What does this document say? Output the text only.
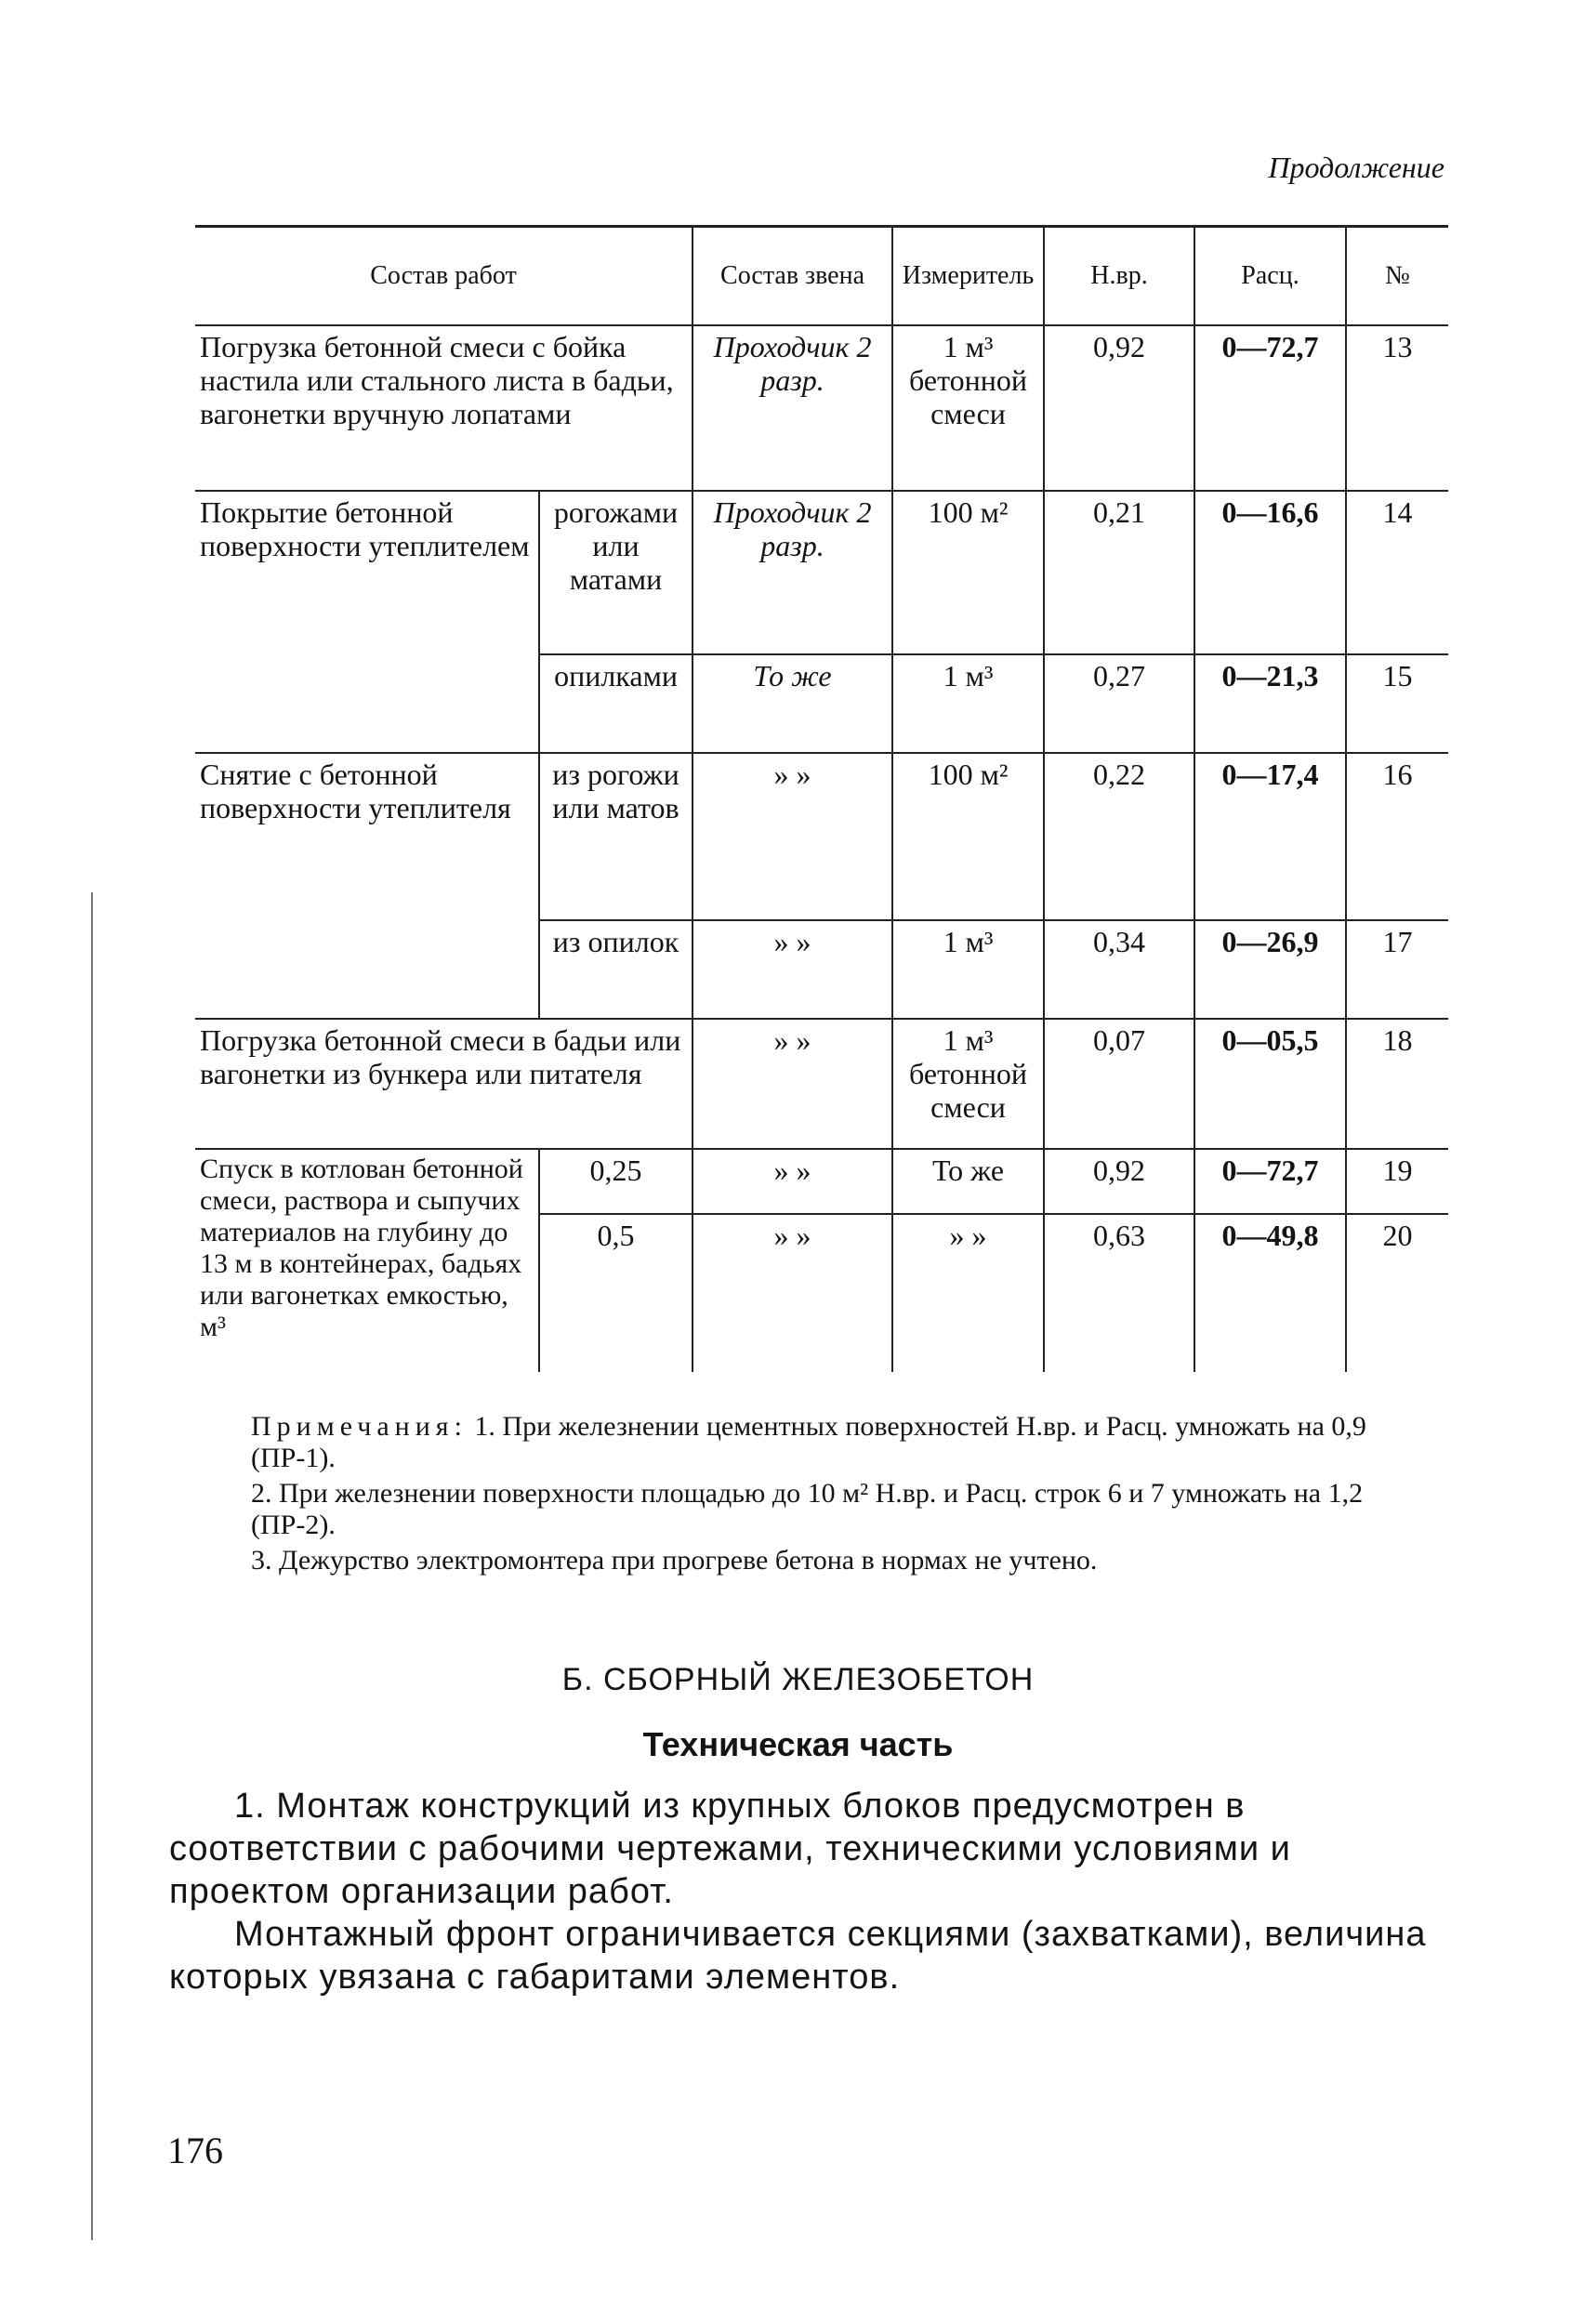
Продолжение
Состав работ		Состав звена	Измеритель	Н.вр.	Расц.	№
Погрузка бетонной смеси с бойка настила или стального листа в бадьи, вагонетки вручную лопатами		Проходчик 2 разр.	1 м³ бетонной смеси	0,92	0—72,7	13
Покрытие бетонной поверхности утеплителем	рогожами или матами	Проходчик 2 разр.	100 м²	0,21	0—16,6	14
	опилками	То же	1 м³	0,27	0—21,3	15
Снятие с бетонной поверхности утеплителя	из рогожи или матов	» »	100 м²	0,22	0—17,4	16
	из опилок	» »	1 м³	0,34	0—26,9	17
Погрузка бетонной смеси в бадьи или вагонетки из бункера или питателя		» »	1 м³ бетонной смеси	0,07	0—05,5	18
Спуск в котлован бетонной смеси, раствора и сыпучих материалов на глубину до 13 м в контейнерах, бадьях или вагонетках емкостью, м³	0,25	» »	То же	0,92	0—72,7	19
	0,5	» »	» »	0,63	0—49,8	20

Примечания: 1. При железнении цементных поверхностей Н.вр. и Расц. умножать на 0,9 (ПР-1).

2. При железнении поверхности площадью до 10 м² Н.вр. и Расц. строк 6 и 7 умножать на 1,2 (ПР-2).

3. Дежурство электромонтера при прогреве бетона в нормах не учтено.

Б. СБОРНЫЙ ЖЕЛЕЗОБЕТОН
Техническая часть

1. Монтаж конструкций из крупных блоков предусмотрен в соответствии с рабочими чертежами, техническими условиями и проектом организации работ.

Монтажный фронт ограничивается секциями (захватками), величина которых увязана с габаритами элементов.

176
